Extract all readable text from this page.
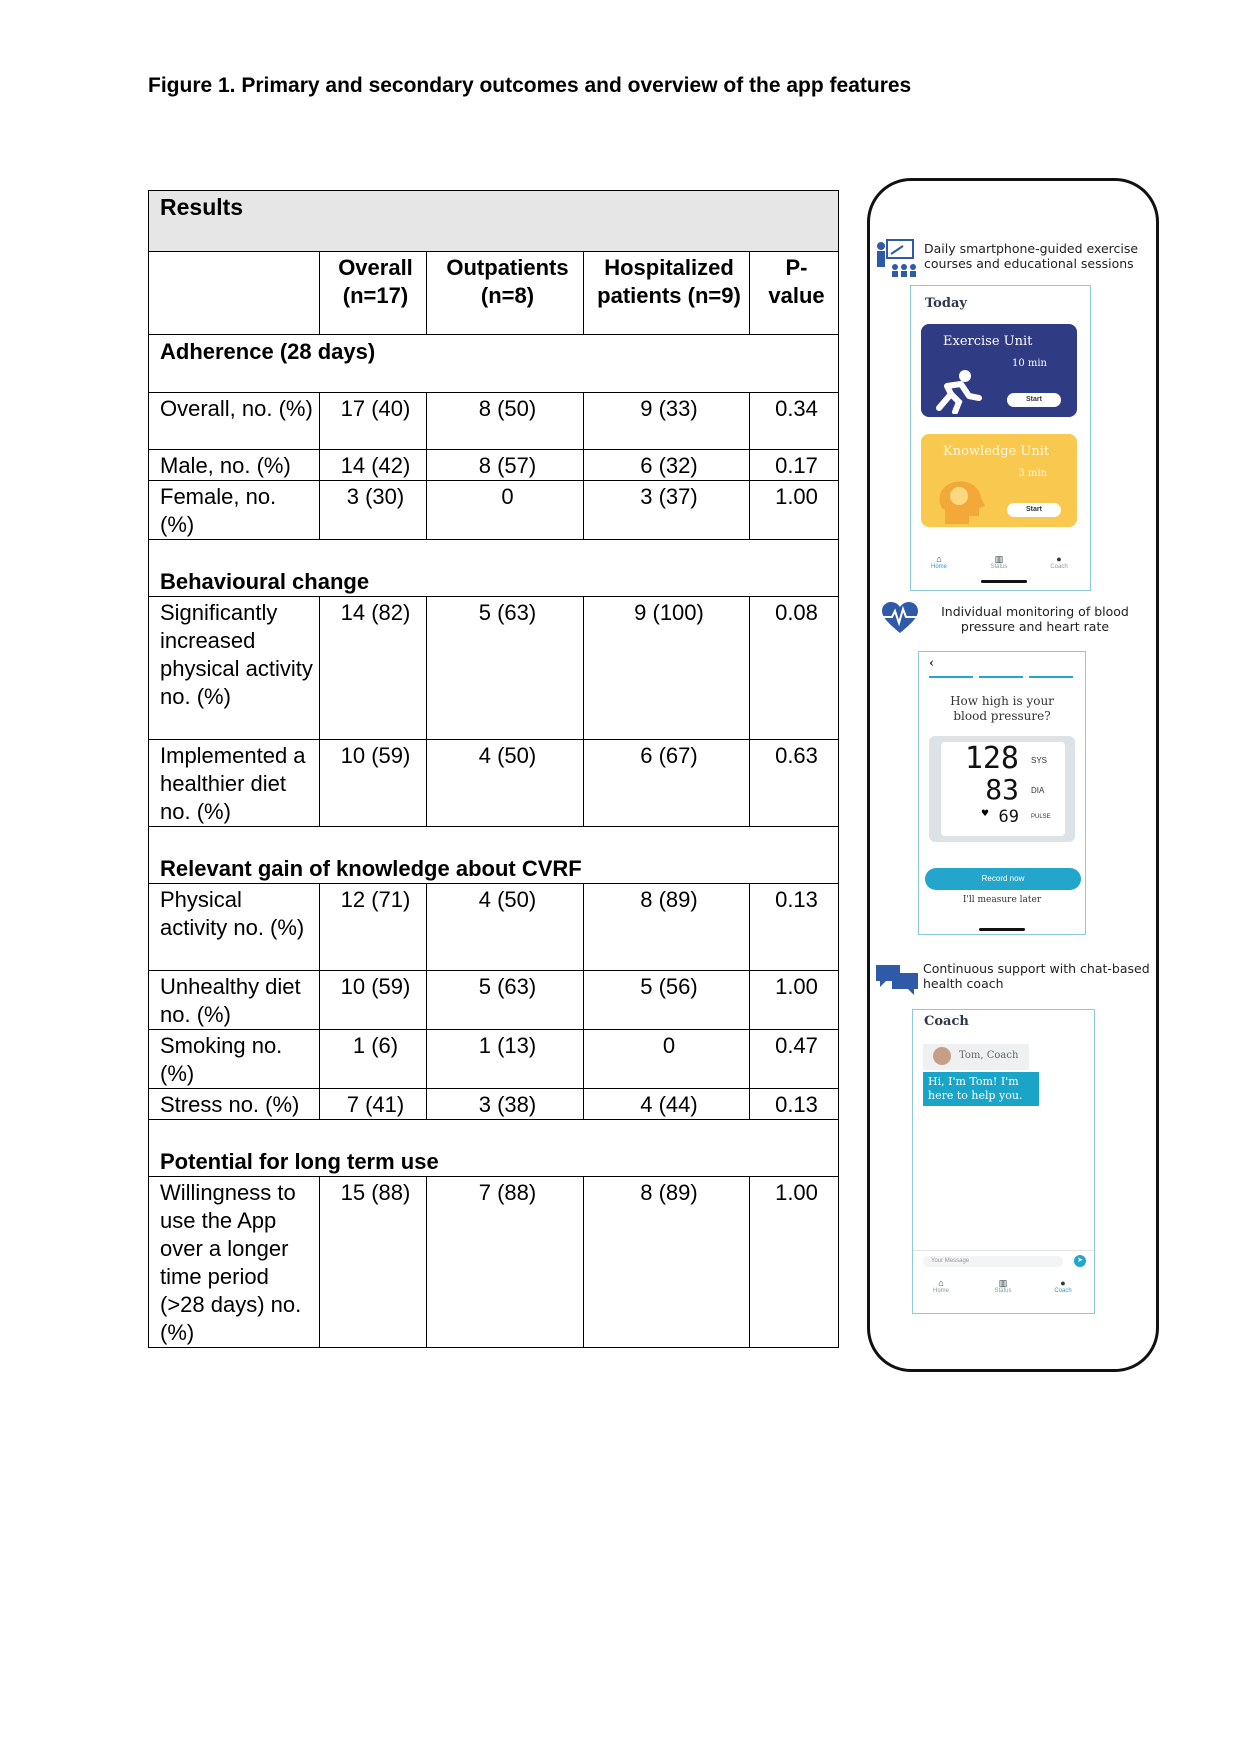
Figure 1. Primary and secondary outcomes and overview of the app features
Results				
	Overall (n=17)	Outpatients (n=8)	Hospitalized patients (n=9)	P-value
Adherence (28 days)				
Overall, no. (%)	17 (40)	8 (50)	9 (33)	0.34
Male, no. (%)	14 (42)	8 (57)	6 (32)	0.17
Female, no. (%)	3 (30)	0	3 (37)	1.00
Behavioural change				
Significantly increased physical activity no. (%)	14 (82)	5 (63)	9 (100)	0.08
Implemented a healthier diet no. (%)	10 (59)	4 (50)	6 (67)	0.63
Relevant gain of knowledge about CVRF				
Physical activity no. (%)	12 (71)	4 (50)	8 (89)	0.13
Unhealthy diet no. (%)	10 (59)	5 (63)	5 (56)	1.00
Smoking no. (%)	1 (6)	1 (13)	0	0.47
Stress no. (%)	7 (41)	3 (38)	4 (44)	0.13
Potential for long term use				
Willingness to use the App over a longer time period (>28 days) no. (%)	15 (88)	7 (88)	8 (89)	1.00
Daily smartphone-guided exercise courses and educational sessions
Today
Exercise Unit
10 min
Start
Knowledge Unit
3 min
Start
⌂
Home
▥
Status
●
Coach
Individual monitoring of blood pressure and heart rate
‹
How high is your blood pressure?
128 SYS
83 DIA
♥ 69 PULSE
Record now
I'll measure later
Continuous support with chat-based health coach
Coach
Tom, Coach
Hi, I'm Tom! I'm here to help you.
Your Message	➤
⌂
Home
▥
Status
●
Coach
